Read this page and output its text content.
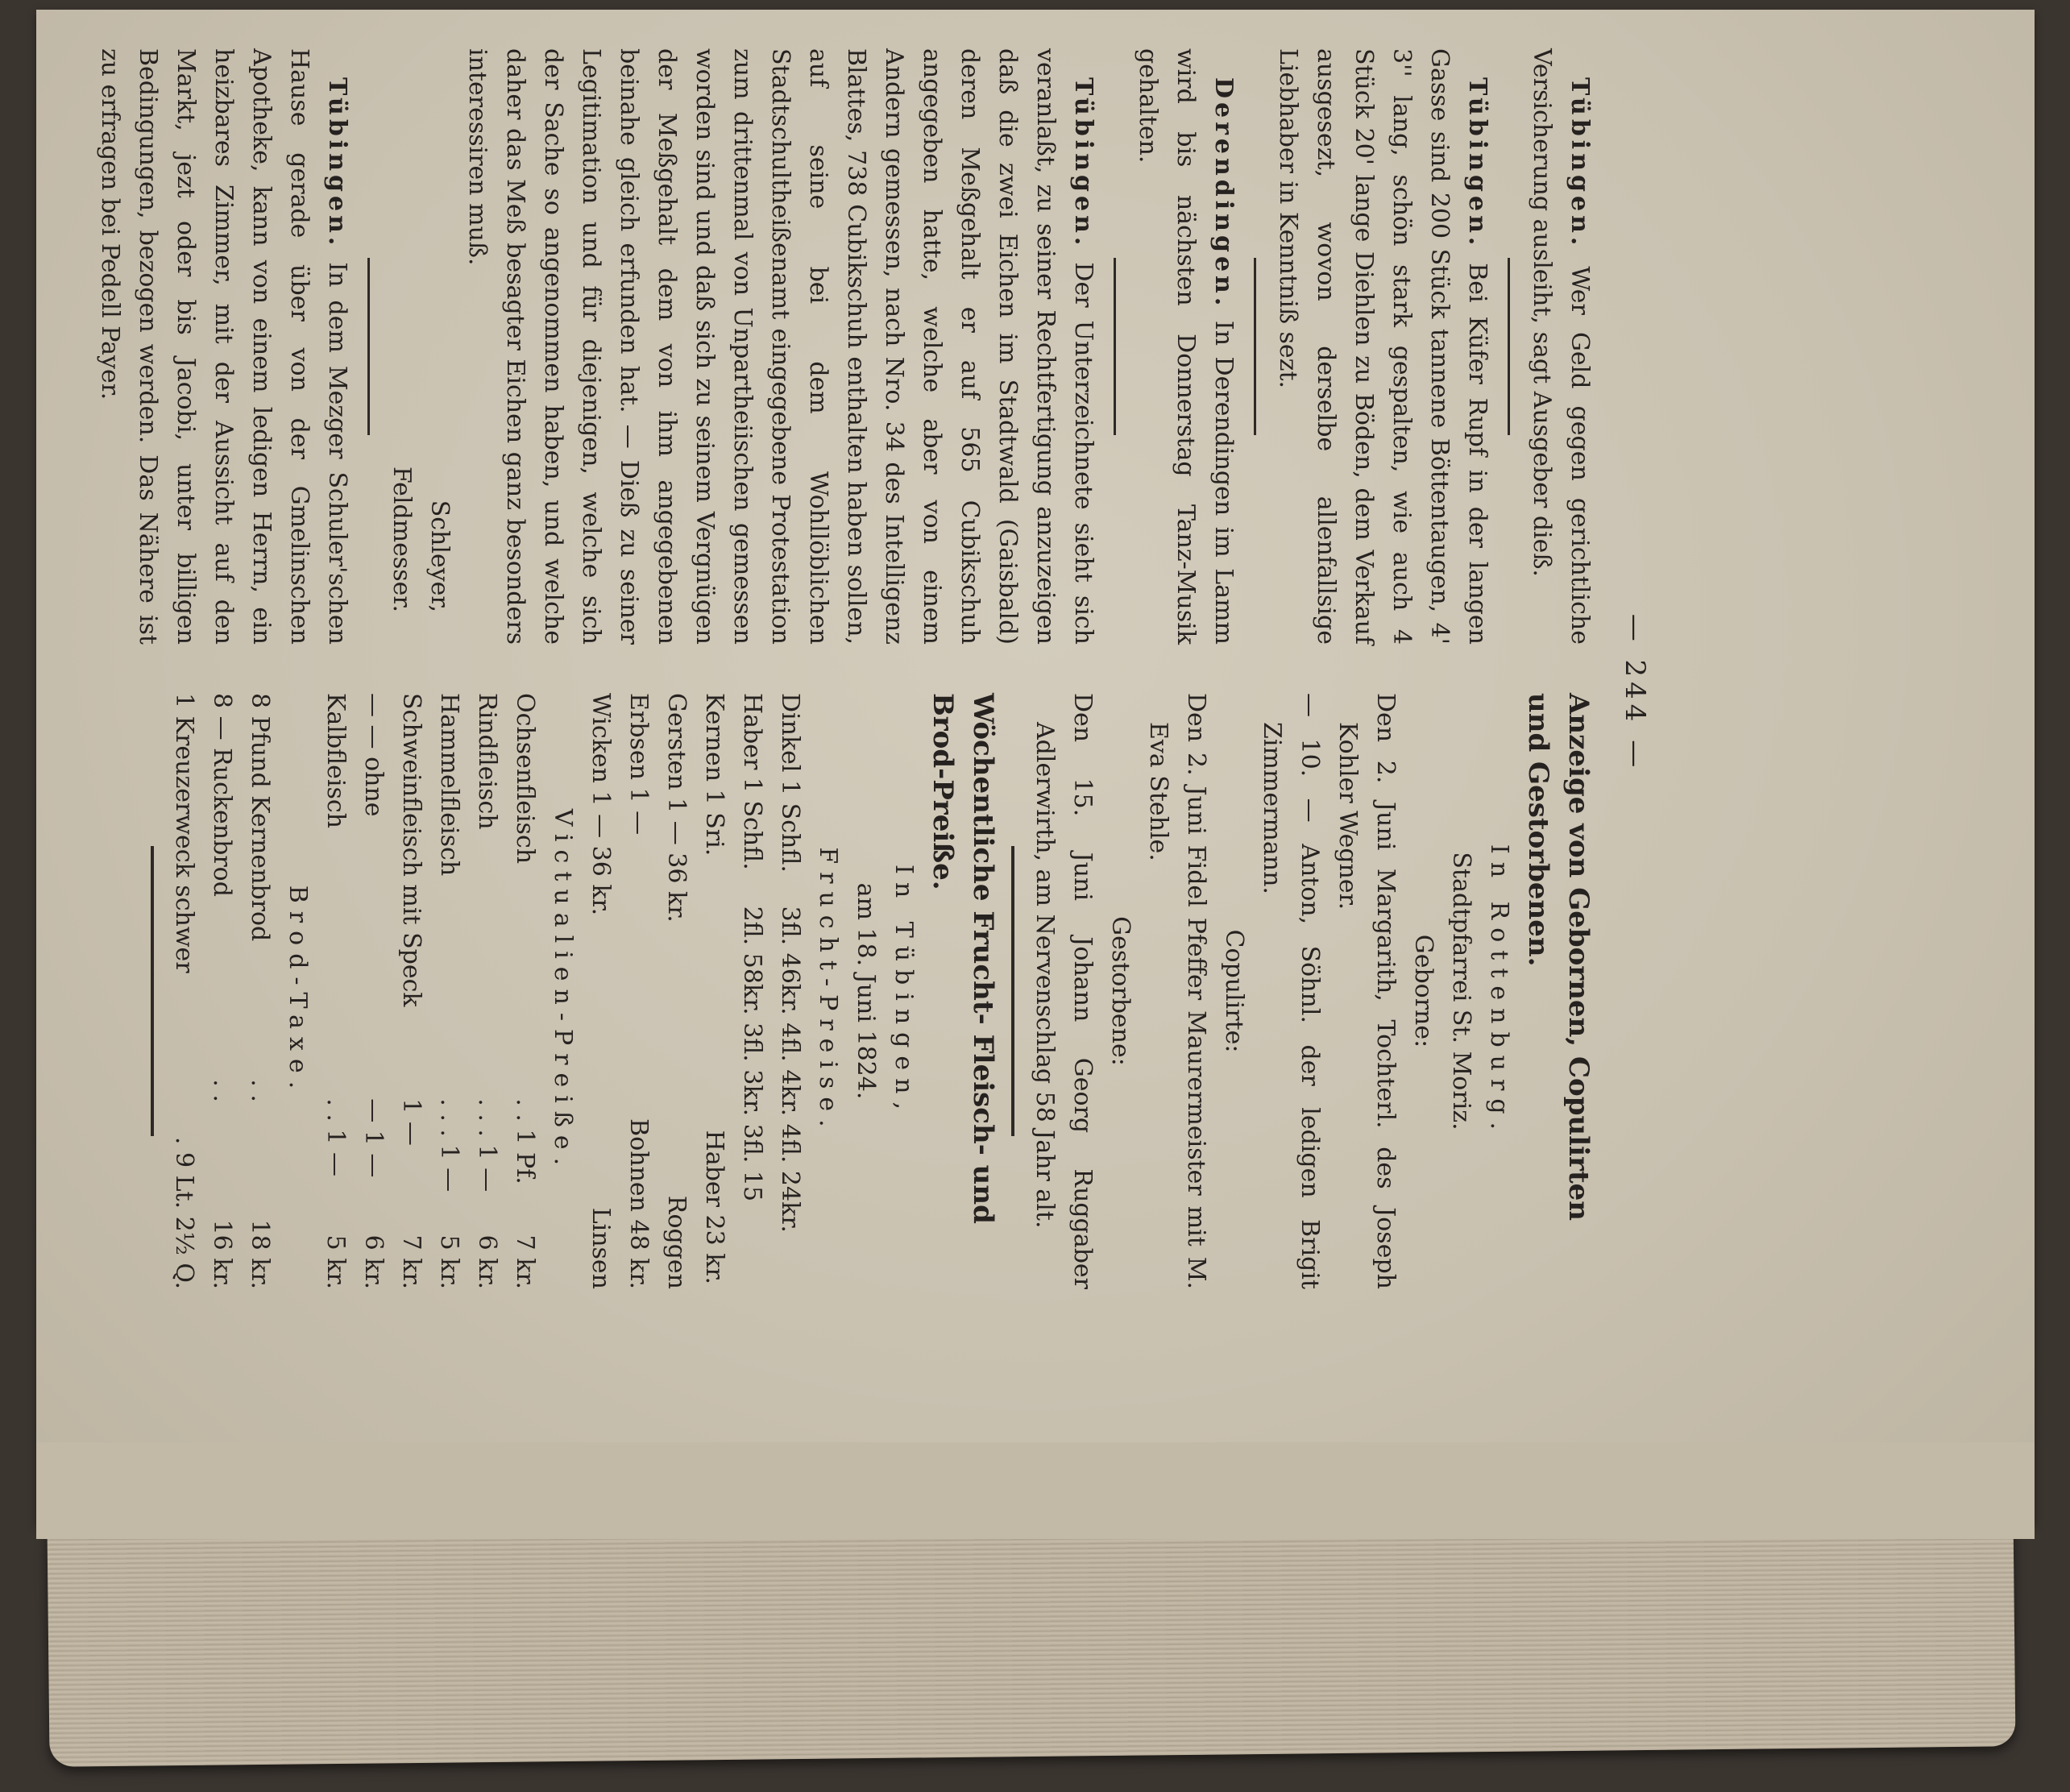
— 244 —

Tübingen. Wer Geld gegen gerichtliche Versicherung ausleiht, sagt Ausgeber dieß.

Tübingen. Bei Küfer Rupf in der langen Gasse sind 200 Stück tannene Böttentaugen, 4' 3'' lang, schön stark gespalten, wie auch 4 Stück 20' lange Diehlen zu Böden, dem Verkauf ausgesezt, wovon derselbe allenfallsige Liebhaber in Kenntniß sezt.

Derendingen. In Derendingen im Lamm wird bis nächsten Donnerstag Tanz-Musik gehalten.

Tübingen. Der Unterzeichnete sieht sich veranlaßt, zu seiner Rechtfertigung anzuzeigen daß die zwei Eichen im Stadtwald (Gaisbald) deren Meßgehalt er auf 565 Cubikschuh angegeben hatte, welche aber von einem Andern gemessen, nach Nro. 34 des Intelligenz Blattes, 738 Cubikschuh enthalten haben sollen, auf seine bei dem Wohllöblichen Stadtschultheißenamt eingegebene Protestation zum drittenmal von Unpartheiischen gemessen worden sind und daß sich zu seinem Vergnügen der Meßgehalt dem von ihm angegebenen beinahe gleich erfunden hat. — Dieß zu seiner Legitimation und für diejenigen, welche sich der Sache so angenommen haben, und welche daher das Meß besagter Eichen ganz besonders interessiren muß.

Schleyer,

Feldmesser.

Tübingen. In dem Mezger Schuler'schen Hause gerade über von der Gmelinschen Apotheke, kann von einem ledigen Herrn, ein heizbares Zimmer, mit der Aussicht auf den Markt, jezt oder bis Jacobi, unter billigen Bedingungen, bezogen werden. Das Nähere ist zu erfragen bei Pedell Payer.

Anzeige von Gebornen, Copulirten und Gestorbenen.

In Rottenburg.

Stadtpfarrei St. Moriz.

Geborne:

Den 2. Juni Margarith, Tochterl. des Joseph Kohler Wegner.

— 10. — Anton, Söhnl. der ledigen Brigit Zimmermann.

Copulirte:

Den 2. Juni Fidel Pfeffer Maurermeister mit M. Eva Stehle.

Gestorbene:

Den 15. Juni Johann Georg Ruggaber Adlerwirth, am Nervenschlag 58 Jahr alt.

Wöchentliche Frucht- Fleisch- und Brod-Preiße.

In Tübingen,

am 18. Juni 1824.

Frucht-Preise.

Dinkel 1 Schfl.	3fl. 46kr. 4fl. 4kr. 4fl. 24kr.
Haber 1 Schfl.	2fl. 58kr. 3fl. 3kr. 3fl. 15
Kernen 1 Sri.	Haber 23 kr.
Gersten 1 — 36 kr.	Roggen
Erbsen 1 —	Bohnen 48 kr.
Wicken 1 — 36 kr.	Linsen

Victualien-Preiße.

Ochsenfleisch	. . 1 Pf.	7 kr.
Rindfleisch	. . . 1 —	6 kr.
Hammelfleisch	. . . 1 —	5 kr.
Schweinfleisch mit Speck	1 —	7 kr.
— — ohne	— 1 —	6 kr.
Kalbfleisch	. . 1 —	5 kr.

Brod-Taxe.

8 Pfund Kernenbrod	. .	18 kr.
8 — Ruckenbrod	. .	16 kr.
1 Kreuzerweck schwer	. 9 Lt. 2½ Q.	
